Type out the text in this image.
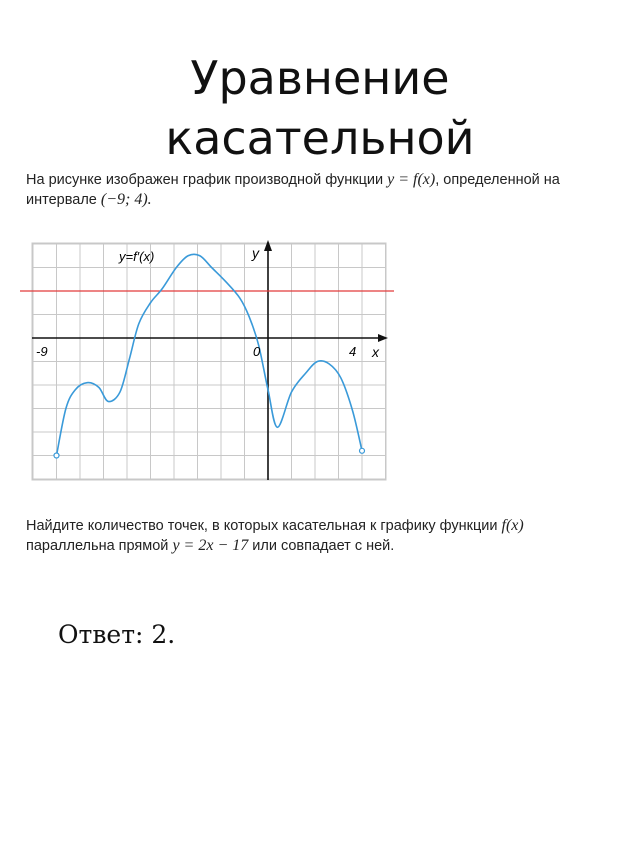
Уравнение
касательной
На рисунке изображен график производной функции y = f(x), определенной на интервале (−9; 4).
y=f′(x)	y
x
-9	0	4
Найдите количество точек, в которых касательная к графику функции f(x)
параллельна прямой y = 2x − 17 или совпадает с ней.
Ответ: 2.
